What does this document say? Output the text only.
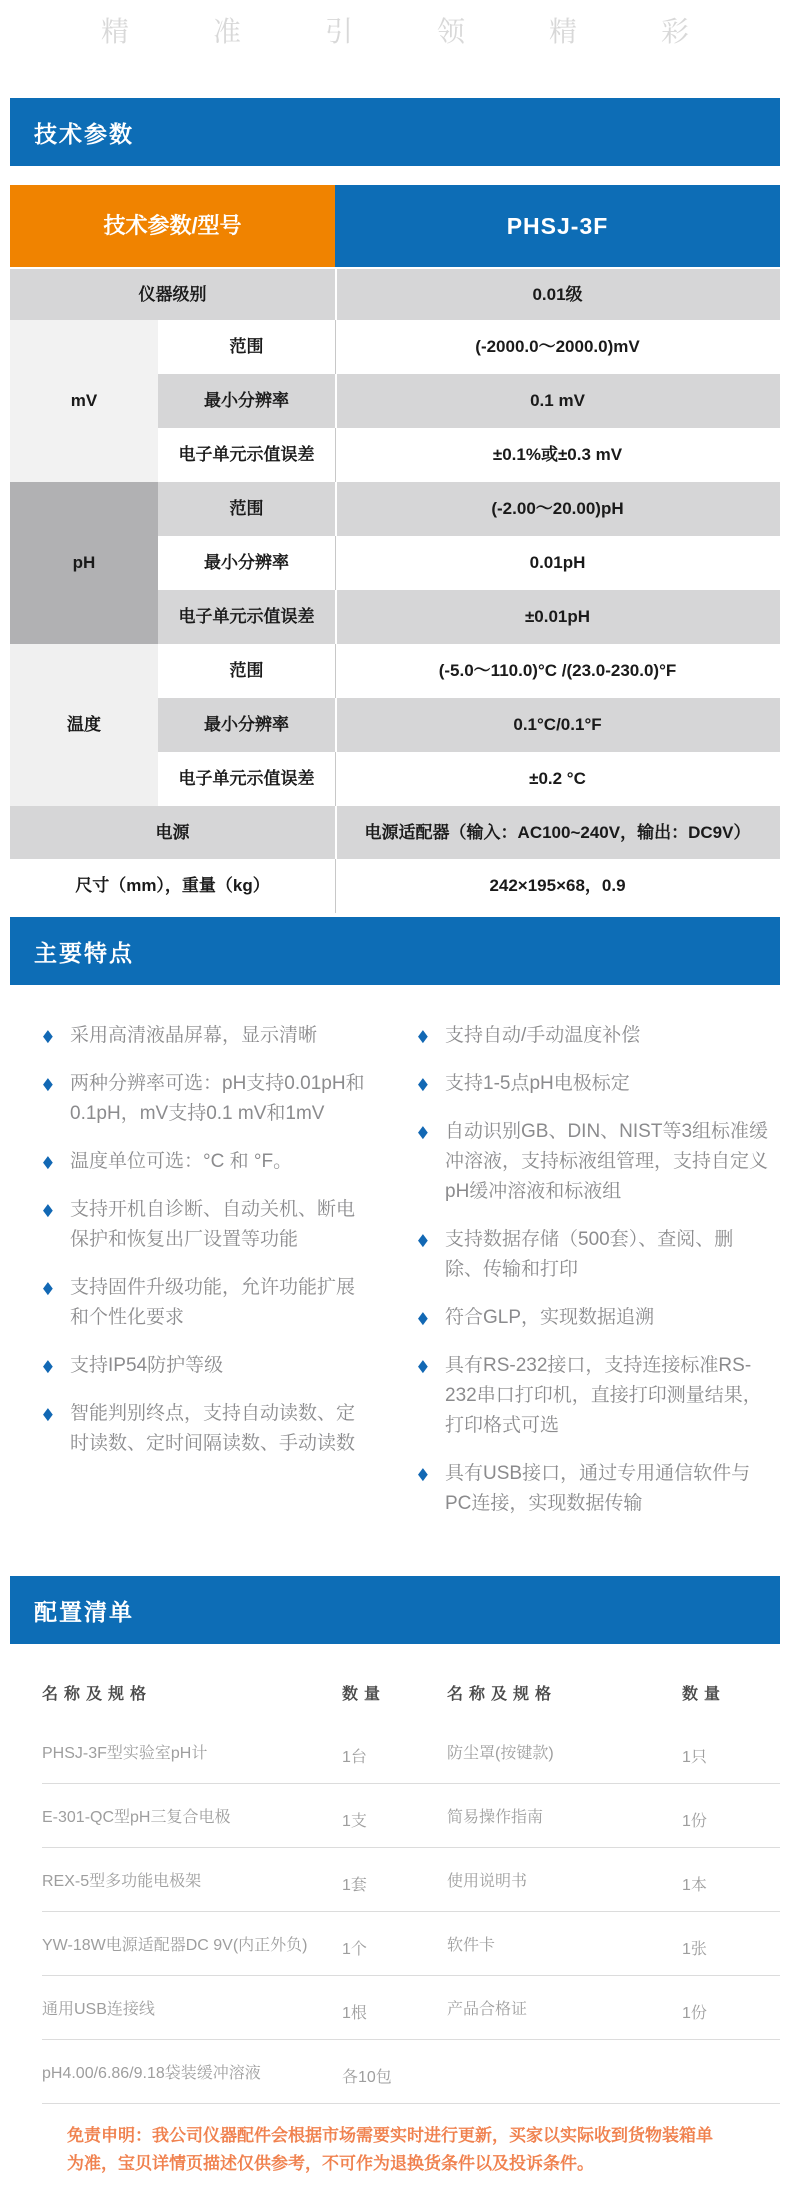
精准引领精彩
技术参数
技术参数/型号	PHSJ-3F
仪器级别	0.01级
mV
范围	(-2000.0～2000.0)mV
最小分辨率	0.1 mV
电子单元示值误差	±0.1%或±0.3 mV
pH
范围	(-2.00～20.00)pH
最小分辨率	0.01pH
电子单元示值误差	±0.01pH
温度
范围	(-5.0～110.0)°C /(23.0-230.0)°F
最小分辨率	0.1°C/0.1°F
电子单元示值误差	±0.2 °C
电源	电源适配器（输入：AC100~240V，输出：DC9V）
尺寸（mm），重量（kg）	242×195×68，0.9
主要特点
◆ 采用高清液晶屏幕，显示清晰
◆ 两种分辨率可选：pH支持0.01pH和0.1pH，mV支持0.1 mV和1mV
◆ 温度单位可选：°C 和 °F。
◆ 支持开机自诊断、自动关机、断电保护和恢复出厂设置等功能
◆ 支持固件升级功能，允许功能扩展和个性化要求
◆ 支持IP54防护等级
◆ 智能判别终点，支持自动读数、定时读数、定时间隔读数、手动读数
◆ 支持自动/手动温度补偿
◆ 支持1-5点pH电极标定
◆ 自动识别GB、DIN、NIST等3组标准缓冲溶液，支持标液组管理，支持自定义pH缓冲溶液和标液组
◆ 支持数据存储（500套）、查阅、删除、传输和打印
◆ 符合GLP，实现数据追溯
◆ 具有RS-232接口，支持连接标准RS-232串口打印机，直接打印测量结果，打印格式可选
◆ 具有USB接口，通过专用通信软件与PC连接，实现数据传输
配置清单
名称及规格	数量	名称及规格	数量
PHSJ-3F型实验室pH计	1台	防尘罩(按键款)	1只
E-301-QC型pH三复合电极	1支	简易操作指南	1份
REX-5型多功能电极架	1套	使用说明书	1本
YW-18W电源适配器DC 9V(内正外负)	1个	软件卡	1张
通用USB连接线	1根	产品合格证	1份
pH4.00/6.86/9.18袋装缓冲溶液	各10包
免责申明：我公司仪器配件会根据市场需要实时进行更新，买家以实际收到货物装箱单为准，宝贝详情页描述仅供参考，不可作为退换货条件以及投诉条件。
